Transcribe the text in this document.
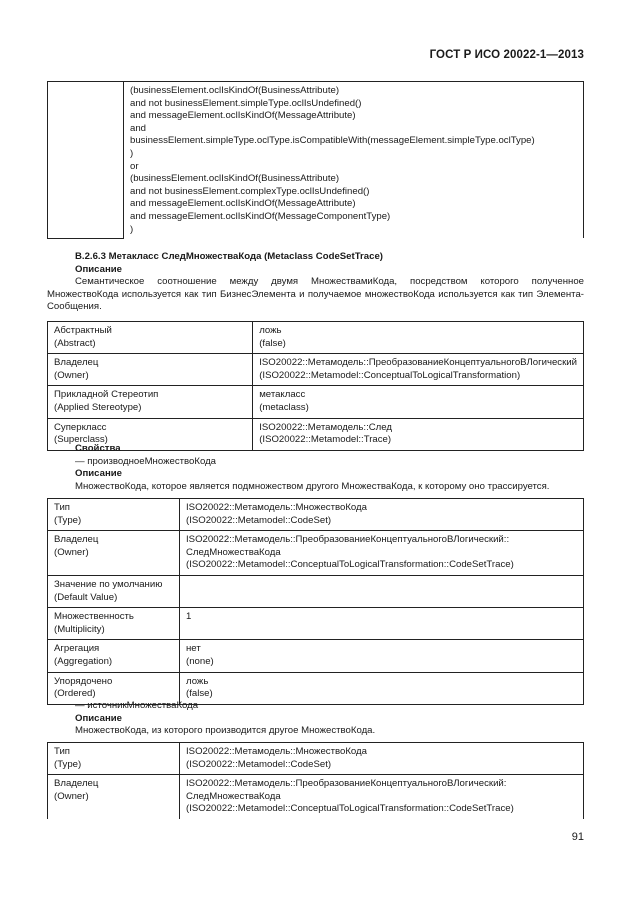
ГОСТ Р ИСО 20022-1—2013

(businessElement.oclIsKindOf(BusinessAttribute)
and not businessElement.simpleType.oclIsUndefined()
and messageElement.oclIsKindOf(MessageAttribute)
and
businessElement.simpleType.oclType.isCompatibleWith(messageElement.simpleType.oclType)
)
or
(businessElement.oclIsKindOf(BusinessAttribute)
and not businessElement.complexType.oclIsUndefined()
and messageElement.oclIsKindOf(MessageAttribute)
and messageElement.oclIsKindOf(MessageComponentType)
)
В.2.6.3 Метакласс СледМножестваКода (Metaclass CodeSetTrace)
Описание
Семантическое соотношение между двумя МножествамиКода, посредством которого полученное МножествоКода используется как тип БизнесЭлемента и получаемое множествоКода используется как тип Элемента-Сообщения.
Абстрактный
(Abstract)	ложь
(false)

Владелец
(Owner)	ISO20022::Метамодель::ПреобразованиеКонцептуальногоВЛогический
(ISO20022::Metamodel::ConceptualToLogicalTransformation)

Прикладной Стереотип
(Applied Stereotype)	метакласс
(metaclass)

Суперкласс
(Superclass)	ISO20022::Метамодель::След
(ISO20022::Metamodel::Trace)
Свойства
— производноеМножествоКода
Описание
МножествоКода, которое является подмножеством другого МножестваКода, к которому оно трассируется.
Тип
(Type)	ISO20022::Метамодель::МножествоКода
(ISO20022::Metamodel::CodeSet)

Владелец
(Owner)	ISO20022::Метамодель::ПреобразованиеКонцептуальногоВЛогический::
СледМножестваКода
(ISO20022::Metamodel::ConceptualToLogicalTransformation::CodeSetTrace)

Значение по умолчанию
(Default Value)	

Множественность
(Multiplicity)	1

Агрегация
(Aggregation)	нет
(none)

Упорядочено
(Ordered)	ложь
(false)
— источникМножестваКода
Описание
МножествоКода, из которого производится другое МножествоКода.
Тип
(Type)	ISO20022::Метамодель::МножествоКода
(ISO20022::Metamodel::CodeSet)

Владелец
(Owner)	ISO20022::Метамодель::ПреобразованиеКонцептуальногоВЛогический:
СледМножестваКода
(ISO20022::Metamodel::ConceptualToLogicalTransformation::CodeSetTrace)
91
